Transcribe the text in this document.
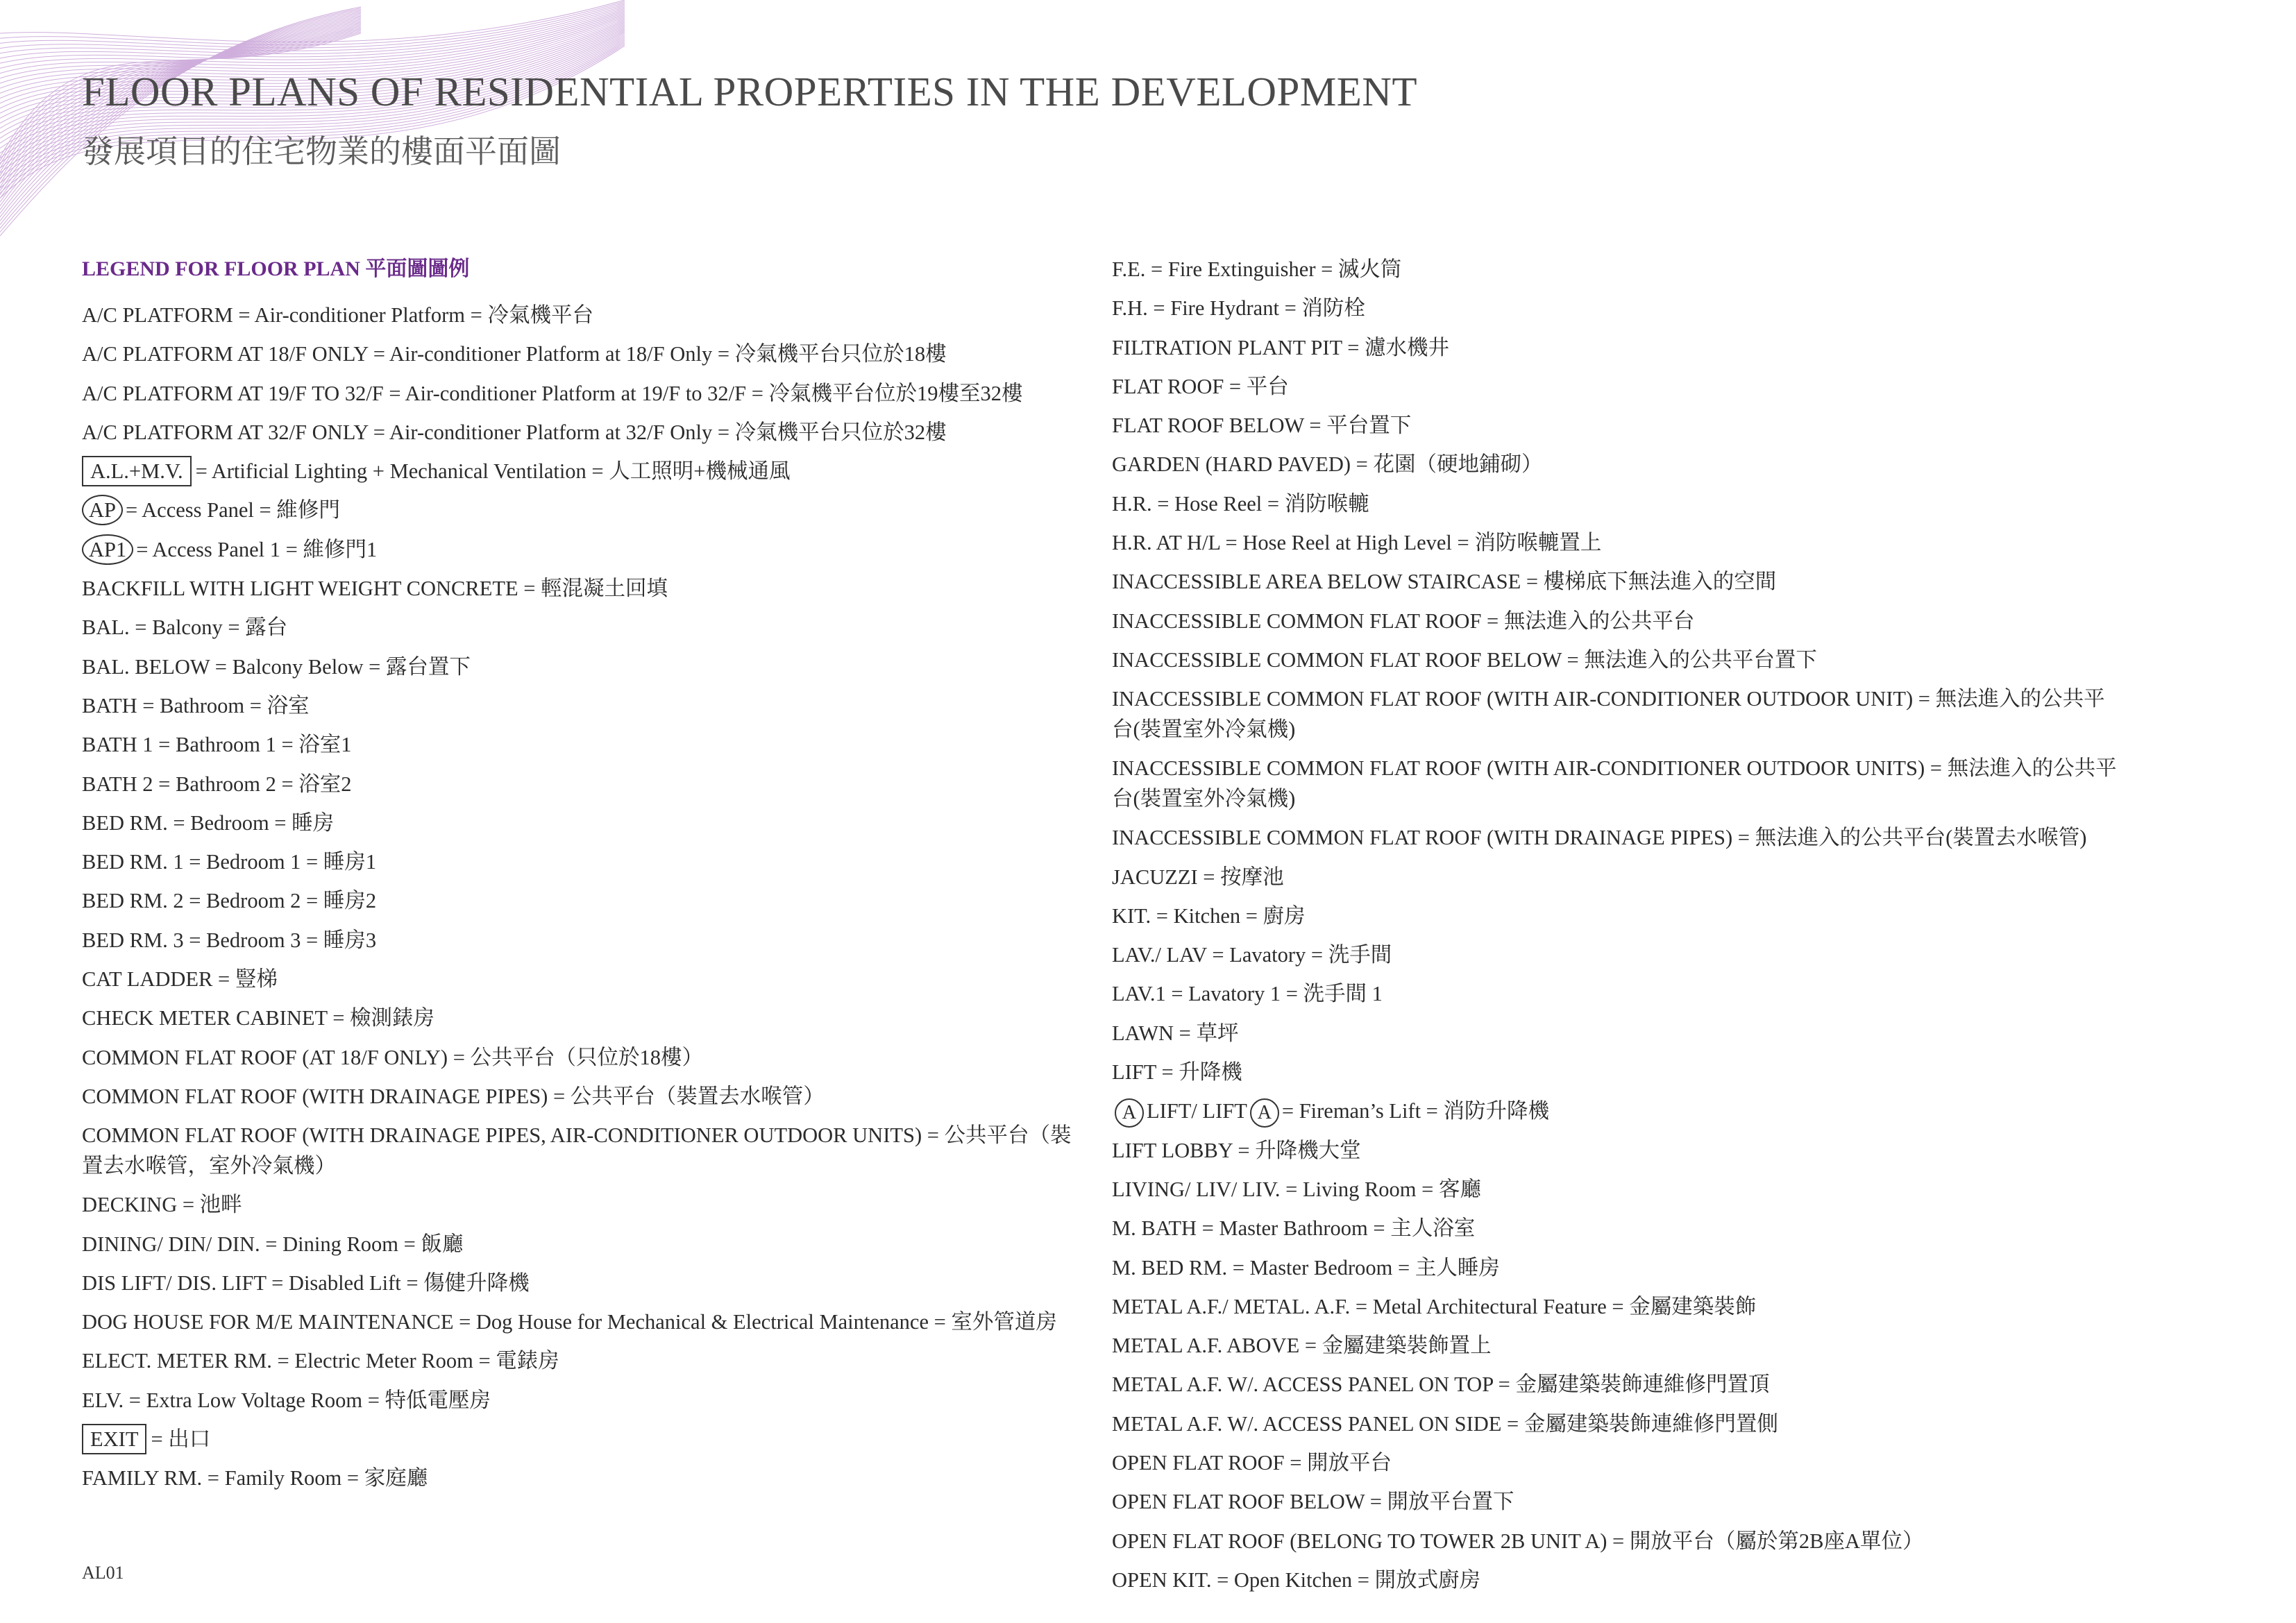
FLOOR PLANS OF RESIDENTIAL PROPERTIES IN THE DEVELOPMENT
發展項目的住宅物業的樓面平面圖
LEGEND FOR FLOOR PLAN 平面圖圖例
A/C PLATFORM = Air-conditioner Platform = 冷氣機平台
A/C PLATFORM AT 18/F ONLY = Air-conditioner Platform at 18/F Only = 冷氣機平台只位於18樓
A/C PLATFORM AT 19/F TO 32/F = Air-conditioner Platform at 19/F to 32/F = 冷氣機平台位於19樓至32樓
A/C PLATFORM AT 32/F ONLY = Air-conditioner Platform at 32/F Only = 冷氣機平台只位於32樓
A.L.+M.V. = Artificial Lighting + Mechanical Ventilation = 人工照明+機械通風
AP = Access Panel = 維修門
AP1 = Access Panel 1 = 維修門1
BACKFILL WITH LIGHT WEIGHT CONCRETE = 輕混凝土回填
BAL. = Balcony = 露台
BAL. BELOW = Balcony Below = 露台置下
BATH = Bathroom = 浴室
BATH 1 = Bathroom 1 = 浴室1
BATH 2 = Bathroom 2 = 浴室2
BED RM. = Bedroom = 睡房
BED RM. 1 = Bedroom 1 = 睡房1
BED RM. 2 = Bedroom 2 = 睡房2
BED RM. 3 = Bedroom 3 = 睡房3
CAT LADDER = 豎梯
CHECK METER CABINET = 檢測錶房
COMMON FLAT ROOF (AT 18/F ONLY) = 公共平台（只位於18樓）
COMMON FLAT ROOF (WITH DRAINAGE PIPES) = 公共平台（裝置去水喉管）
COMMON FLAT ROOF (WITH DRAINAGE PIPES, AIR-CONDITIONER OUTDOOR UNITS) = 公共平台（裝置去水喉管，室外冷氣機）
DECKING = 池畔
DINING/ DIN/ DIN. = Dining Room = 飯廳
DIS LIFT/ DIS. LIFT = Disabled Lift = 傷健升降機
DOG HOUSE FOR M/E MAINTENANCE = Dog House for Mechanical & Electrical Maintenance = 室外管道房
ELECT. METER RM. = Electric Meter Room = 電錶房
ELV. = Extra Low Voltage Room = 特低電壓房
EXIT = 出口
FAMILY RM. = Family Room = 家庭廳
F.E. = Fire Extinguisher = 滅火筒
F.H. = Fire Hydrant = 消防栓
FILTRATION PLANT PIT = 濾水機井
FLAT ROOF = 平台
FLAT ROOF BELOW = 平台置下
GARDEN (HARD PAVED) = 花園（硬地鋪砌）
H.R. = Hose Reel = 消防喉轆
H.R. AT H/L = Hose Reel at High Level = 消防喉轆置上
INACCESSIBLE AREA BELOW STAIRCASE = 樓梯底下無法進入的空間
INACCESSIBLE COMMON FLAT ROOF = 無法進入的公共平台
INACCESSIBLE COMMON FLAT ROOF BELOW = 無法進入的公共平台置下
INACCESSIBLE COMMON FLAT ROOF (WITH AIR-CONDITIONER OUTDOOR UNIT) = 無法進入的公共平台(裝置室外冷氣機)
INACCESSIBLE COMMON FLAT ROOF (WITH AIR-CONDITIONER OUTDOOR UNITS) = 無法進入的公共平台(裝置室外冷氣機)
INACCESSIBLE COMMON FLAT ROOF (WITH DRAINAGE PIPES) = 無法進入的公共平台(裝置去水喉管)
JACUZZI = 按摩池
KIT. = Kitchen = 廚房
LAV./ LAV = Lavatory = 洗手間
LAV.1 = Lavatory 1 = 洗手間 1
LAWN = 草坪
LIFT = 升降機
A LIFT/ LIFT A = Fireman’s Lift = 消防升降機
LIFT LOBBY = 升降機大堂
LIVING/ LIV/ LIV. = Living Room = 客廳
M. BATH = Master Bathroom = 主人浴室
M. BED RM. = Master Bedroom = 主人睡房
METAL A.F./ METAL. A.F. = Metal Architectural Feature = 金屬建築裝飾
METAL A.F. ABOVE = 金屬建築裝飾置上
METAL A.F. W/. ACCESS PANEL ON TOP = 金屬建築裝飾連維修門置頂
METAL A.F. W/. ACCESS PANEL ON SIDE = 金屬建築裝飾連維修門置側
OPEN FLAT ROOF = 開放平台
OPEN FLAT ROOF BELOW = 開放平台置下
OPEN FLAT ROOF (BELONG TO TOWER 2B UNIT A) = 開放平台（屬於第2B座A單位）
OPEN KIT. = Open Kitchen = 開放式廚房
AL01
